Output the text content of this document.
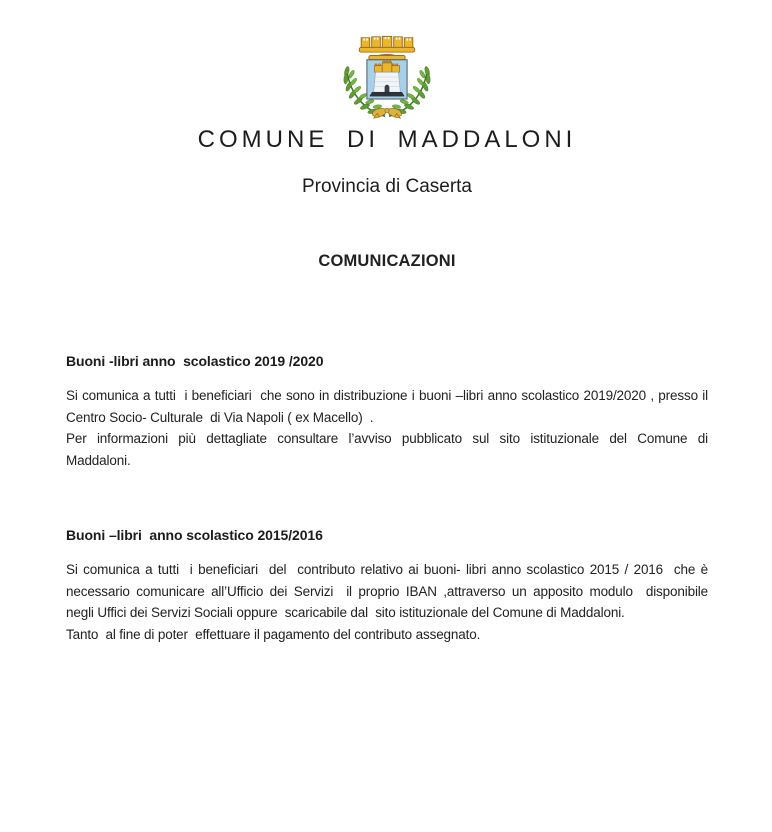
COMUNE DI MADDALONI
Provincia di Caserta
COMUNICAZIONI
Buoni -libri anno  scolastico 2019 /2020
Si comunica a tutti  i beneficiari  che sono in distribuzione i buoni –libri anno scolastico 2019/2020 , presso il
Centro Socio- Culturale  di Via Napoli ( ex Macello)  .
Per informazioni più dettagliate consultare l’avviso pubblicato sul sito istituzionale del Comune di
Maddaloni.
Buoni –libri  anno scolastico 2015/2016
Si comunica a tutti  i beneficiari  del  contributo relativo ai buoni- libri anno scolastico 2015 / 2016  che è
necessario comunicare all’Ufficio dei Servizi  il proprio IBAN ,attraverso un apposito modulo  disponibile
negli Uffici dei Servizi Sociali oppure  scaricabile dal  sito istituzionale del Comune di Maddaloni.
Tanto  al fine di poter  effettuare il pagamento del contributo assegnato.
